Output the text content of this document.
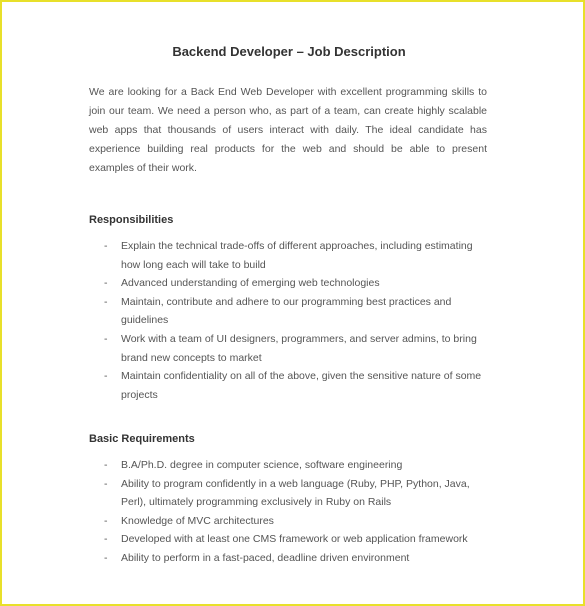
Backend Developer – Job Description
We are looking for a Back End Web Developer with excellent programming skills to join our team. We need a person who, as part of a team, can create highly scalable web apps that thousands of users interact with daily. The ideal candidate has experience building real products for the web and should be able to present examples of their work.
Responsibilities
- Explain the technical trade-offs of different approaches, including estimating how long each will take to build
- Advanced understanding of emerging web technologies
- Maintain, contribute and adhere to our programming best practices and guidelines
- Work with a team of UI designers, programmers, and server admins, to bring brand new concepts to market
- Maintain confidentiality on all of the above, given the sensitive nature of some projects
Basic Requirements
- B.A/Ph.D. degree in computer science, software engineering
- Ability to program confidently in a web language (Ruby, PHP, Python, Java, Perl), ultimately programming exclusively in Ruby on Rails
- Knowledge of MVC architectures
- Developed with at least one CMS framework or web application framework
- Ability to perform in a fast-paced, deadline driven environment
